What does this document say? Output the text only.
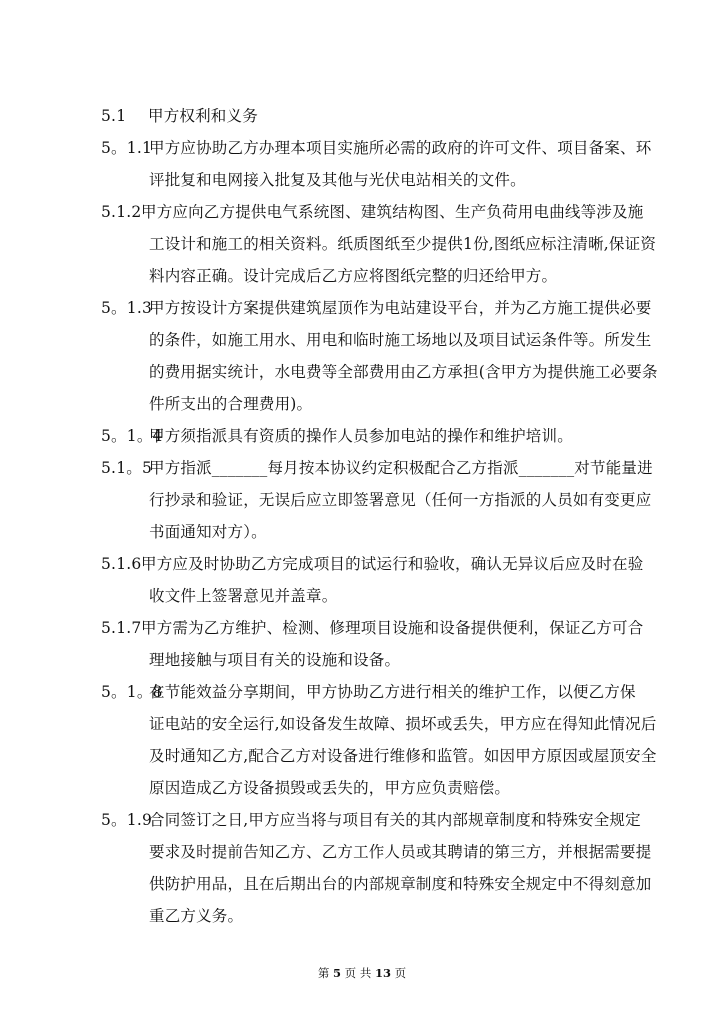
5.1 甲方权利和义务
5。1.1甲方应协助乙方办理本项目实施所必需的政府的许可文件、项目备案、环
评批复和电网接入批复及其他与光伏电站相关的文件。
5.1.2甲方应向乙方提供电气系统图、建筑结构图、生产负荷用电曲线等涉及施
工设计和施工的相关资料。纸质图纸至少提供1份,图纸应标注清晰,保证资
料内容正确。设计完成后乙方应将图纸完整的归还给甲方。
5。1.3甲方按设计方案提供建筑屋顶作为电站建设平台，并为乙方施工提供必要
的条件，如施工用水、用电和临时施工场地以及项目试运条件等。所发生
的费用据实统计，水电费等全部费用由乙方承担(含甲方为提供施工必要条
件所支出的合理费用)。
5。1。4甲方须指派具有资质的操作人员参加电站的操作和维护培训。
5.1。5甲方指派_______每月按本协议约定积极配合乙方指派_______对节能量进
行抄录和验证，无误后应立即签署意见（任何一方指派的人员如有变更应
书面通知对方）。
5.1.6甲方应及时协助乙方完成项目的试运行和验收，确认无异议后应及时在验
收文件上签署意见并盖章。
5.1.7甲方需为乙方维护、检测、修理项目设施和设备提供便利，保证乙方可合
理地接触与项目有关的设施和设备。
5。1。8在节能效益分享期间，甲方协助乙方进行相关的维护工作，以便乙方保
证电站的安全运行,如设备发生故障、损坏或丢失，甲方应在得知此情况后
及时通知乙方,配合乙方对设备进行维修和监管。如因甲方原因或屋顶安全
原因造成乙方设备损毁或丢失的，甲方应负责赔偿。
5。1.9合同签订之日,甲方应当将与项目有关的其内部规章制度和特殊安全规定
要求及时提前告知乙方、乙方工作人员或其聘请的第三方，并根据需要提
供防护用品，且在后期出台的内部规章制度和特殊安全规定中不得刻意加
重乙方义务。
第 5 页 共 13 页
